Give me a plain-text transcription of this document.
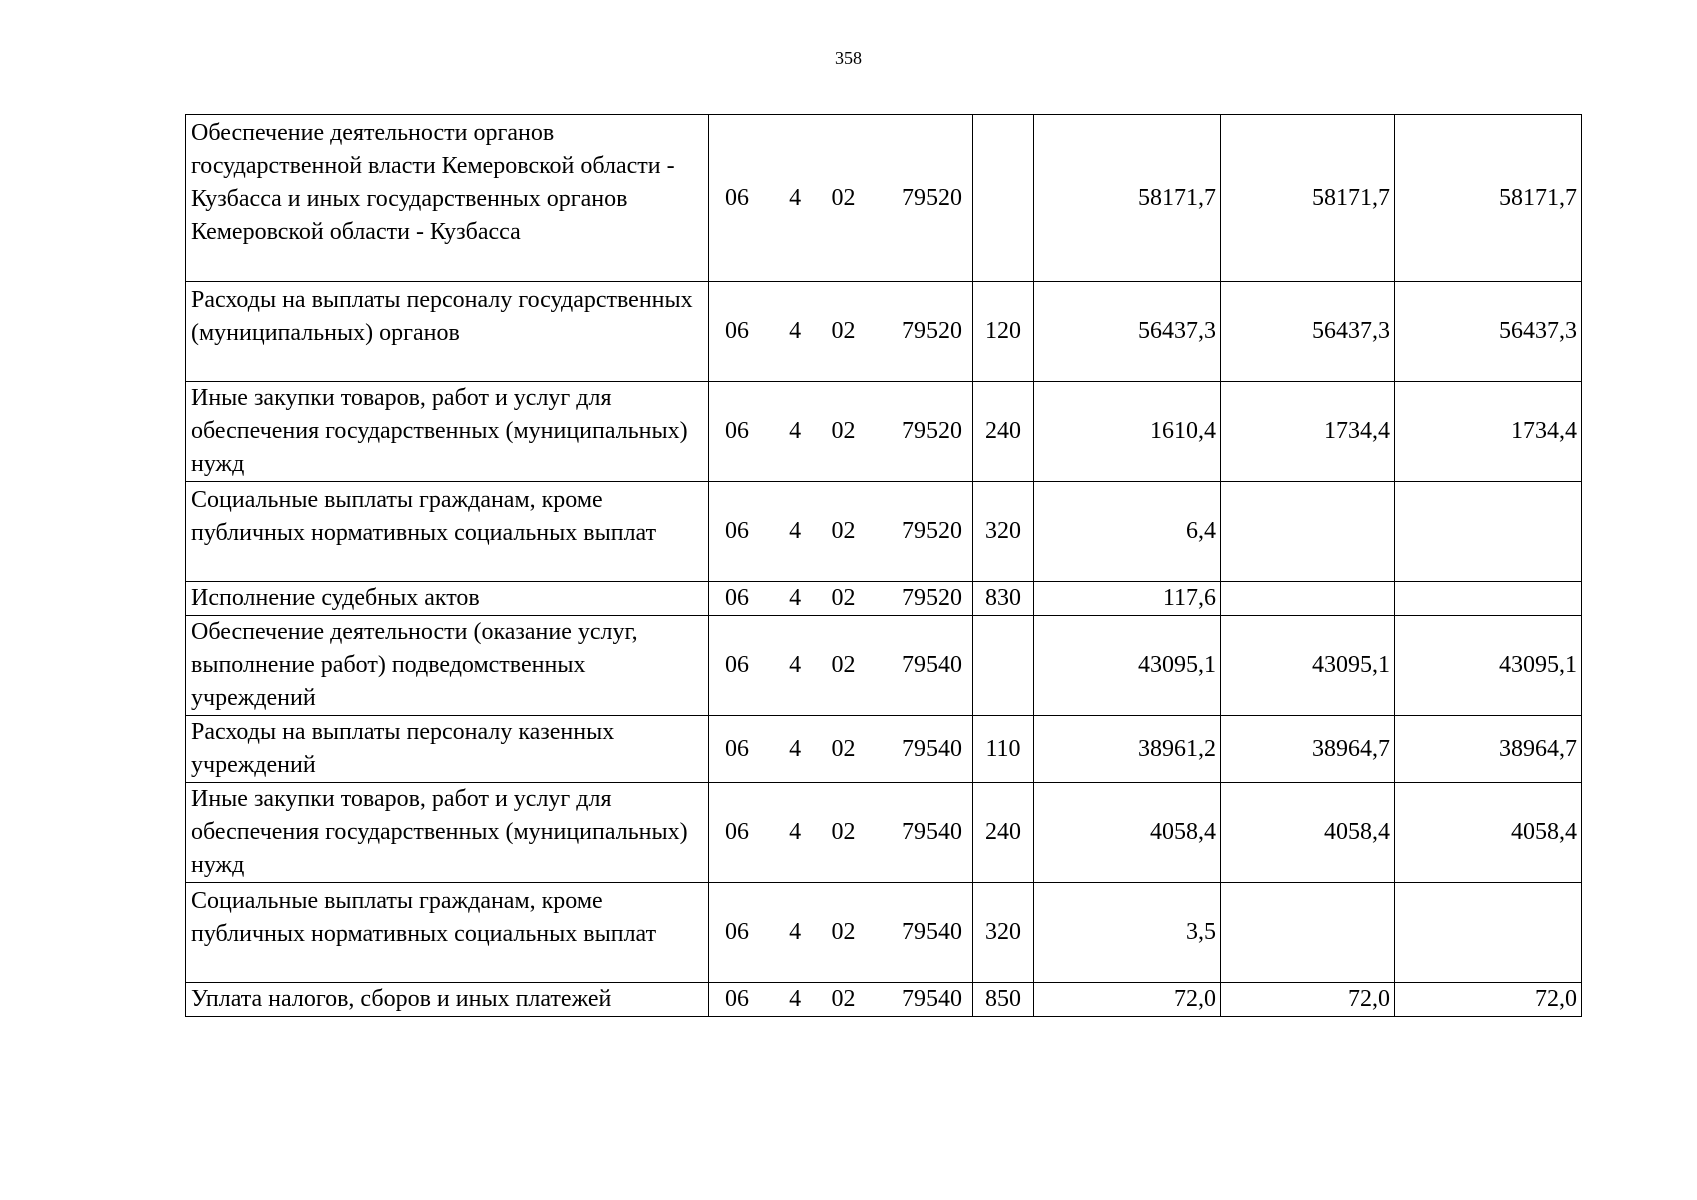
358
Обеспечение деятельности органов государственной власти Кемеровской области - Кузбасса и иных государственных органов Кемеровской области - Кузбасса	06 4 02 79520		58171,7	58171,7	58171,7
Расходы на выплаты персоналу государственных (муниципальных) органов	06 4 02 79520	120	56437,3	56437,3	56437,3
Иные закупки товаров, работ и услуг для обеспечения государственных (муниципальных) нужд	06 4 02 79520	240	1610,4	1734,4	1734,4
Социальные выплаты гражданам, кроме публичных нормативных социальных выплат	06 4 02 79520	320	6,4		
Исполнение судебных актов	06 4 02 79520	830	117,6		
Обеспечение деятельности (оказание услуг, выполнение работ) подведомственных учреждений	06 4 02 79540		43095,1	43095,1	43095,1
Расходы на выплаты персоналу казенных учреждений	06 4 02 79540	110	38961,2	38964,7	38964,7
Иные закупки товаров, работ и услуг для обеспечения государственных (муниципальных) нужд	06 4 02 79540	240	4058,4	4058,4	4058,4
Социальные выплаты гражданам, кроме публичных нормативных социальных выплат	06 4 02 79540	320	3,5		
Уплата налогов, сборов и иных платежей	06 4 02 79540	850	72,0	72,0	72,0
